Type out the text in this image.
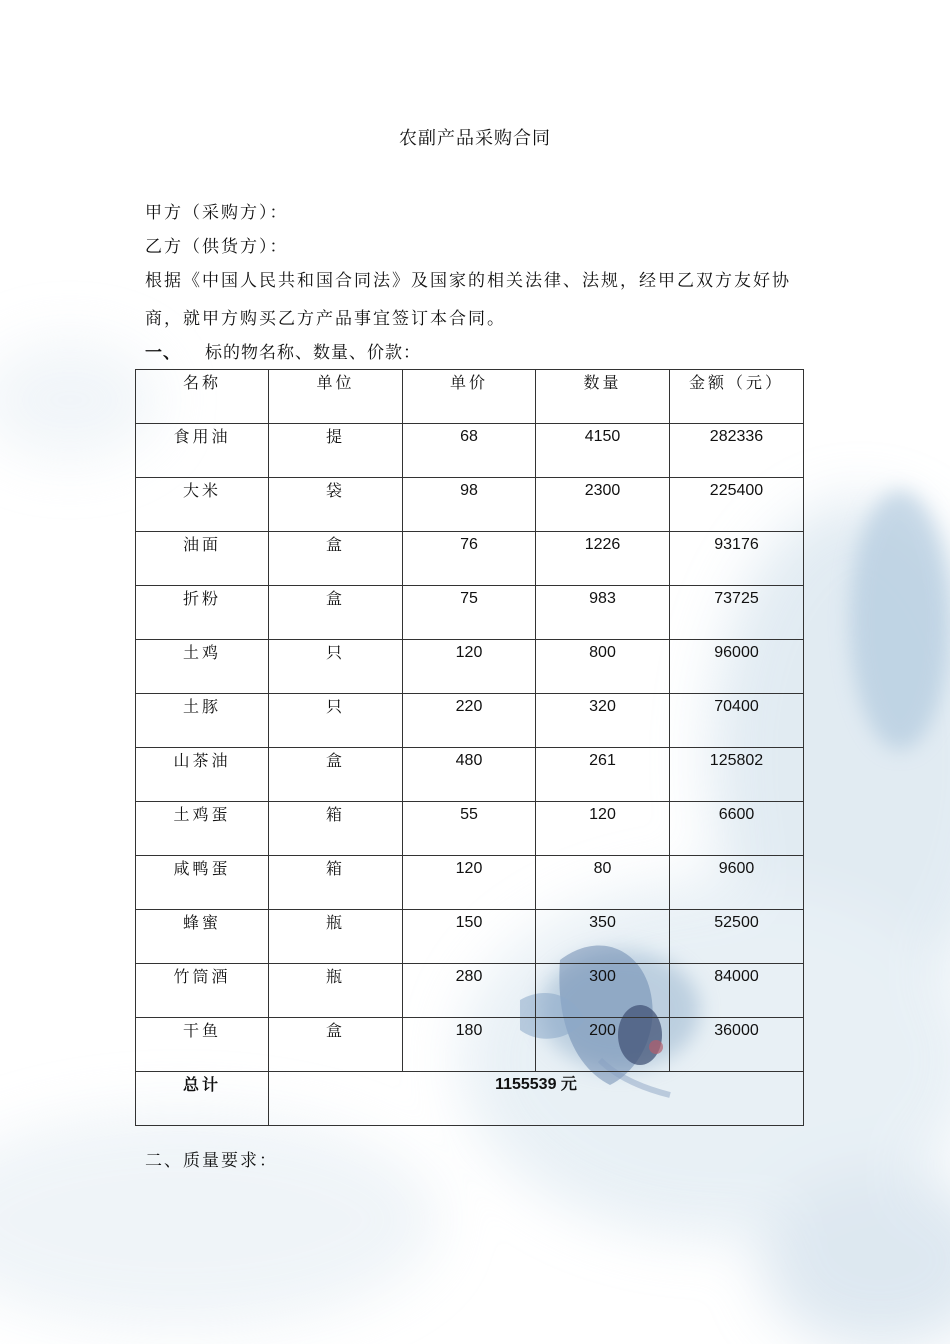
农副产品采购合同
甲方（采购方）：
乙方（供货方）：
根据《中国人民共和国合同法》及国家的相关法律、法规，经甲乙双方友好协
商，就甲方购买乙方产品事宜签订本合同。
一、 标的物名称、数量、价款：
名称	单位	单价	数量	金额（元）
食用油	提	68	4150	282336
大米	袋	98	2300	225400
油面	盒	76	1226	93176
折粉	盒	75	983	73725
土鸡	只	120	800	96000
土豚	只	220	320	70400
山茶油	盒	480	261	125802
土鸡蛋	箱	55	120	6600
咸鸭蛋	箱	120	80	9600
蜂蜜	瓶	150	350	52500
竹筒酒	瓶	280	300	84000
干鱼	盒	180	200	36000
总计	1155539 元			
二、质量要求：
